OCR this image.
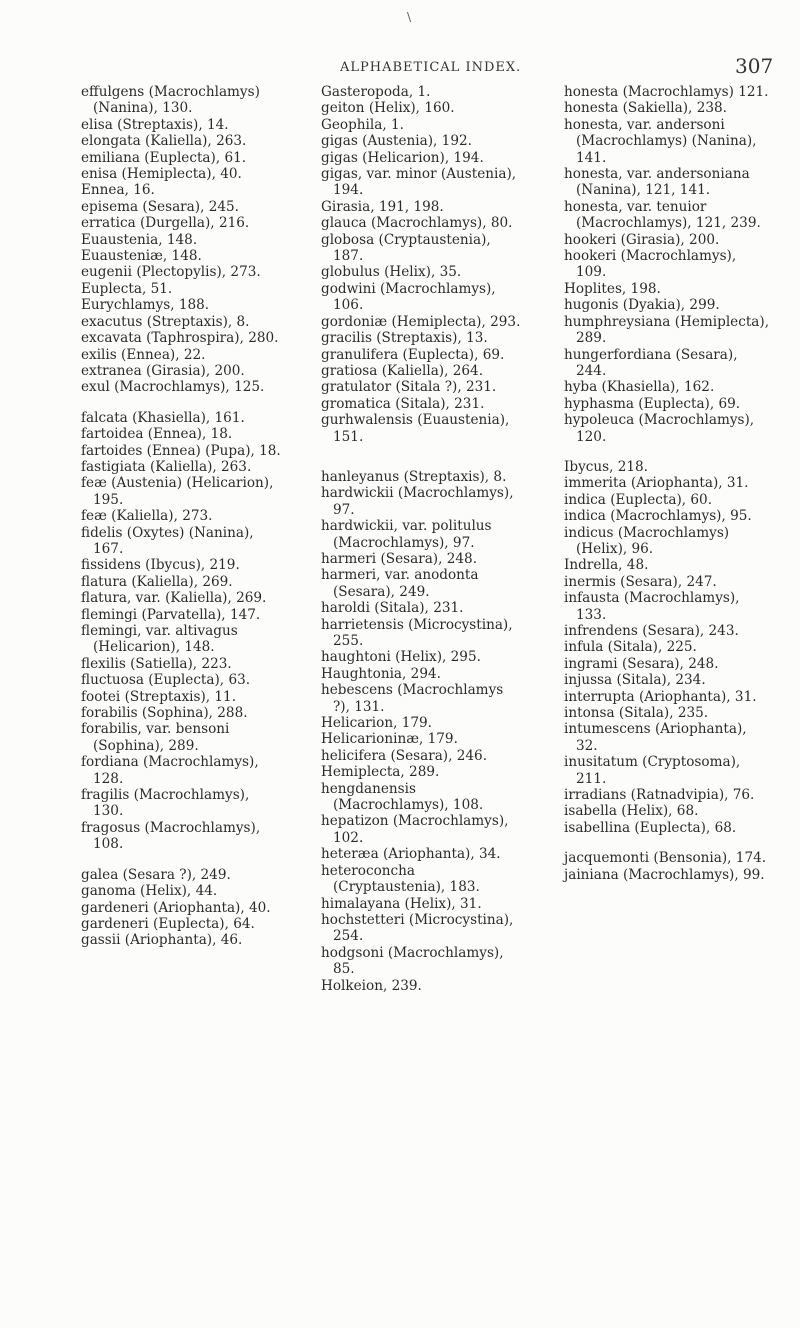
\
ALPHABETICAL INDEX.	307

effulgens (Macrochlamys) (Nanina), 130.

elisa (Streptaxis), 14.

elongata (Kaliella), 263.

emiliana (Euplecta), 61.

enisa (Hemiplecta), 40.

Ennea, 16.

episema (Sesara), 245.

erratica (Durgella), 216.

Euaustenia, 148.

Euausteniæ, 148.

eugenii (Plectopylis), 273.

Euplecta, 51.

Eurychlamys, 188.

exacutus (Streptaxis), 8.

excavata (Taphrospira), 280.

exilis (Ennea), 22.

extranea (Girasia), 200.

exul (Macrochlamys), 125.

falcata (Khasiella), 161.

fartoidea (Ennea), 18.

fartoides (Ennea) (Pupa), 18.

fastigiata (Kaliella), 263.

feæ (Austenia) (Helicarion), 195.

feæ (Kaliella), 273.

fidelis (Oxytes) (Nanina), 167.

fissidens (Ibycus), 219.

flatura (Kaliella), 269.

flatura, var. (Kaliella), 269.

flemingi (Parvatella), 147.

flemingi, var. altivagus (Helicarion), 148.

flexilis (Satiella), 223.

fluctuosa (Euplecta), 63.

footei (Streptaxis), 11.

forabilis (Sophina), 288.

forabilis, var. bensoni (Sophina), 289.

fordiana (Macrochlamys), 128.

fragilis (Macrochlamys), 130.

fragosus (Macrochlamys), 108.

galea (Sesara ?), 249.

ganoma (Helix), 44.

gardeneri (Ariophanta), 40.

gardeneri (Euplecta), 64.

gassii (Ariophanta), 46.

Gasteropoda, 1.

geiton (Helix), 160.

Geophila, 1.

gigas (Austenia), 192.

gigas (Helicarion), 194.

gigas, var. minor (Austenia), 194.

Girasia, 191, 198.

glauca (Macrochlamys), 80.

globosa (Cryptaustenia), 187.

globulus (Helix), 35.

godwini (Macrochlamys), 106.

gordoniæ (Hemiplecta), 293.

gracilis (Streptaxis), 13.

granulifera (Euplecta), 69.

gratiosa (Kaliella), 264.

gratulator (Sitala ?), 231.

gromatica (Sitala), 231.

gurhwalensis (Euaustenia), 151.

hanleyanus (Streptaxis), 8.

hardwickii (Macrochlamys), 97.

hardwickii, var. politulus (Macrochlamys), 97.

harmeri (Sesara), 248.

harmeri, var. anodonta (Sesara), 249.

haroldi (Sitala), 231.

harrietensis (Microcystina), 255.

haughtoni (Helix), 295.

Haughtonia, 294.

hebescens (Macrochlamys ?), 131.

Helicarion, 179.

Helicarioninæ, 179.

helicifera (Sesara), 246.

Hemiplecta, 289.

hengdanensis (Macrochlamys), 108.

hepatizon (Macrochlamys), 102.

heteræa (Ariophanta), 34.

heteroconcha (Cryptaustenia), 183.

himalayana (Helix), 31.

hochstetteri (Microcystina), 254.

hodgsoni (Macrochlamys), 85.

Holkeion, 239.

honesta (Macrochlamys) 121.

honesta (Sakiella), 238.

honesta, var. andersoni (Macrochlamys) (Nanina), 141.

honesta, var. andersoniana (Nanina), 121, 141.

honesta, var. tenuior (Macrochlamys), 121, 239.

hookeri (Girasia), 200.

hookeri (Macrochlamys), 109.

Hoplites, 198.

hugonis (Dyakia), 299.

humphreysiana (Hemiplecta), 289.

hungerfordiana (Sesara), 244.

hyba (Khasiella), 162.

hyphasma (Euplecta), 69.

hypoleuca (Macrochlamys), 120.

Ibycus, 218.

immerita (Ariophanta), 31.

indica (Euplecta), 60.

indica (Macrochlamys), 95.

indicus (Macrochlamys) (Helix), 96.

Indrella, 48.

inermis (Sesara), 247.

infausta (Macrochlamys), 133.

infrendens (Sesara), 243.

infula (Sitala), 225.

ingrami (Sesara), 248.

injussa (Sitala), 234.

interrupta (Ariophanta), 31.

intonsa (Sitala), 235.

intumescens (Ariophanta), 32.

inusitatum (Cryptosoma), 211.

irradians (Ratnadvipia), 76.

isabella (Helix), 68.

isabellina (Euplecta), 68.

jacquemonti (Bensonia), 174.

jainiana (Macrochlamys), 99.
